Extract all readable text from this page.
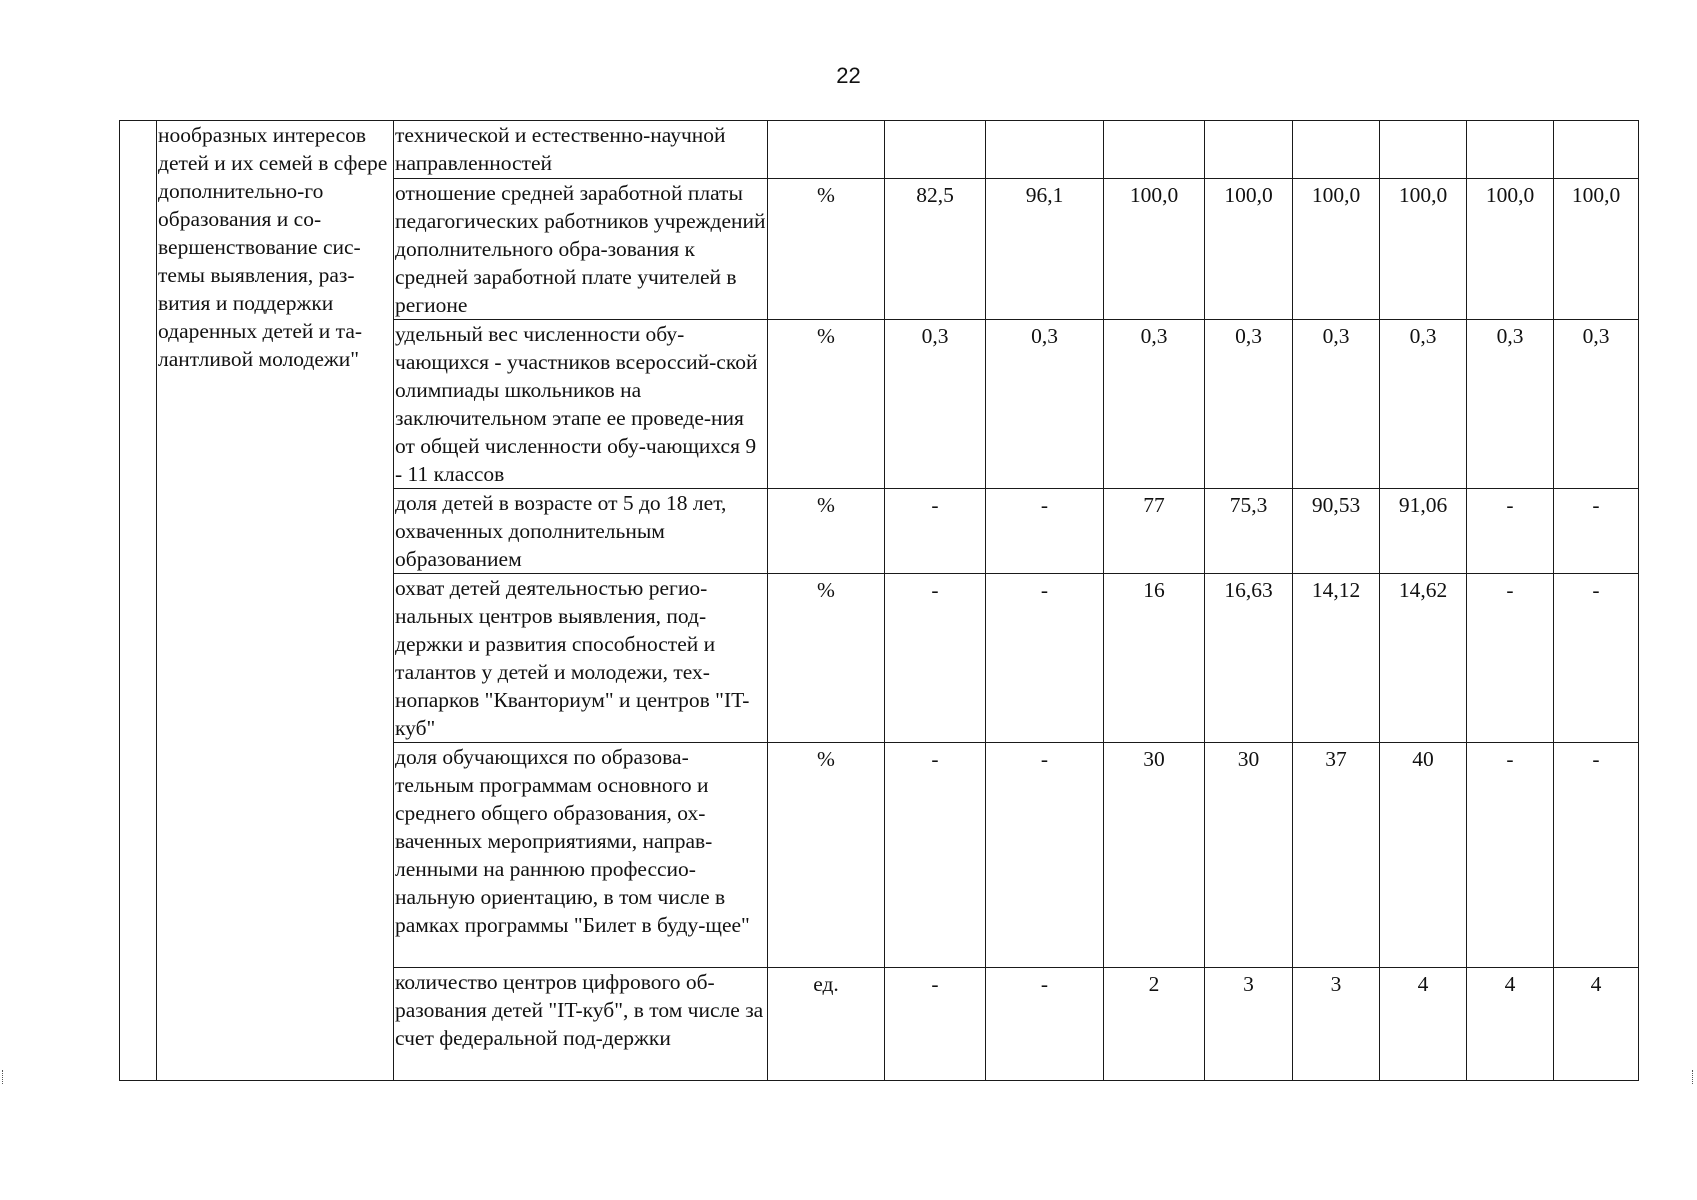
22
	нообразных интересов детей и их семей в сфере дополнительно-го образования и со-вершенствование сис-темы выявления, раз-вития и поддержки одаренных детей и та-лантливой молодежи"	технической и естественно-научной направленностей									
		отношение средней заработной платы педагогических работников учреждений дополнительного обра-зования к средней заработной плате учителей в регионе	%	82,5	96,1	100,0	100,0	100,0	100,0	100,0	100,0
		удельный вес численности обу-чающихся - участников всероссий-ской олимпиады школьников на заключительном этапе ее проведе-ния от общей численности обу-чающихся 9 - 11 классов	%	0,3	0,3	0,3	0,3	0,3	0,3	0,3	0,3
		доля детей в возрасте от 5 до 18 лет, охваченных дополнительным образованием	%	-	-	77	75,3	90,53	91,06	-	-
		охват детей деятельностью регио-нальных центров выявления, под-держки и развития способностей и талантов у детей и молодежи, тех-нопарков "Кванториум" и центров "IT-куб"	%	-	-	16	16,63	14,12	14,62	-	-
		доля обучающихся по образова-тельным программам основного и среднего общего образования, ох-ваченных мероприятиями, направ-ленными на раннюю профессио-нальную ориентацию, в том числе в рамках программы "Билет в буду-щее"	%	-	-	30	30	37	40	-	-
		количество центров цифрового об-разования детей "IT-куб", в том числе за счет федеральной под-держки	ед.	-	-	2	3	3	4	4	4
